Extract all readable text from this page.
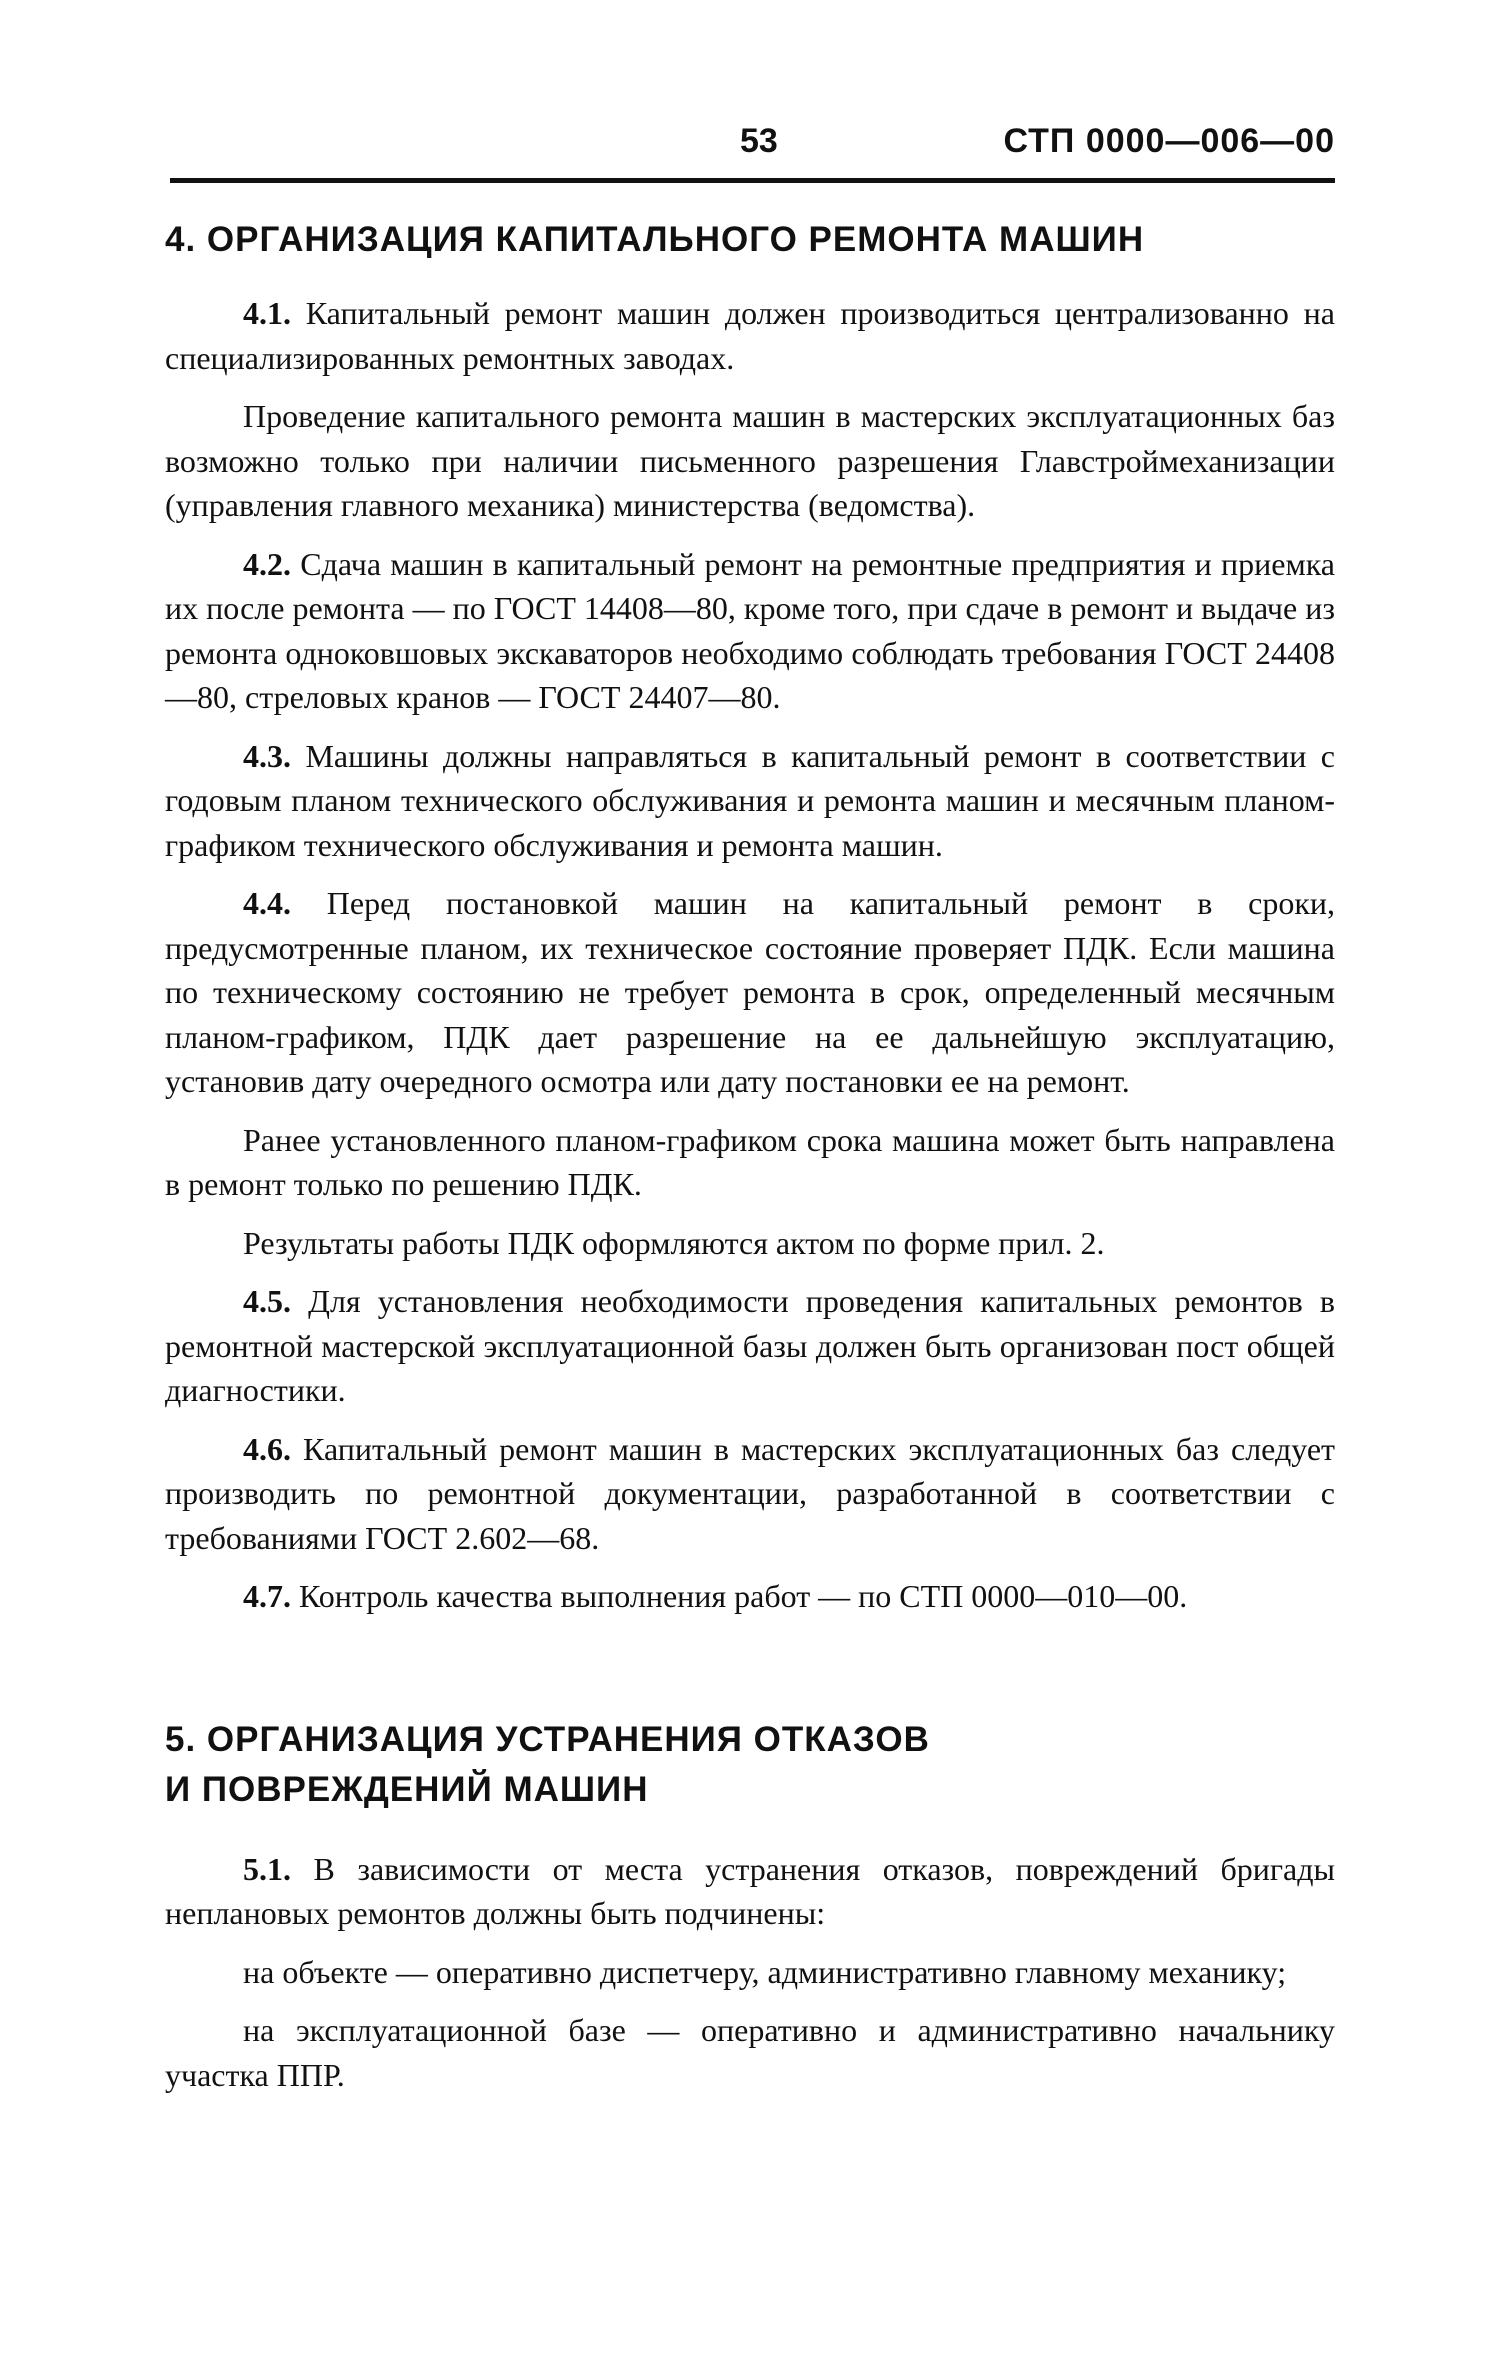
53	СТП 0000—006—00
4. ОРГАНИЗАЦИЯ КАПИТАЛЬНОГО РЕМОНТА МАШИН

4.1. Капитальный ремонт машин должен производиться централизованно на специализированных ремонтных заводах.

Проведение капитального ремонта машин в мастерских эксплуатационных баз возможно только при наличии письменного разрешения Главстроймеханизации (управления главного механика) министерства (ведомства).

4.2. Сдача машин в капитальный ремонт на ремонтные предприятия и приемка их после ремонта — по ГОСТ 14408—80, кроме того, при сдаче в ремонт и выдаче из ремонта одноковшовых экскаваторов необходимо соблюдать требования ГОСТ 24408—80, стреловых кранов — ГОСТ 24407—80.

4.3. Машины должны направляться в капитальный ремонт в соответствии с годовым планом технического обслуживания и ремонта машин и месячным планом-графиком технического обслуживания и ремонта машин.

4.4. Перед постановкой машин на капитальный ремонт в сроки, предусмотренные планом, их техническое состояние проверяет ПДК. Если машина по техническому состоянию не требует ремонта в срок, определенный месячным планом-графиком, ПДК дает разрешение на ее дальнейшую эксплуатацию, установив дату очередного осмотра или дату постановки ее на ремонт.

Ранее установленного планом-графиком срока машина может быть направлена в ремонт только по решению ПДК.

Результаты работы ПДК оформляются актом по форме прил. 2.

4.5. Для установления необходимости проведения капитальных ремонтов в ремонтной мастерской эксплуатационной базы должен быть организован пост общей диагностики.

4.6. Капитальный ремонт машин в мастерских эксплуатационных баз следует производить по ремонтной документации, разработанной в соответствии с требованиями ГОСТ 2.602—68.

4.7. Контроль качества выполнения работ — по СТП 0000—010—00.

5. ОРГАНИЗАЦИЯ УСТРАНЕНИЯ ОТКАЗОВ
И ПОВРЕЖДЕНИЙ МАШИН

5.1. В зависимости от места устранения отказов, повреждений бригады неплановых ремонтов должны быть подчинены:

на объекте — оперативно диспетчеру, административно главному механику;

на эксплуатационной базе — оперативно и административно начальнику участка ППР.
